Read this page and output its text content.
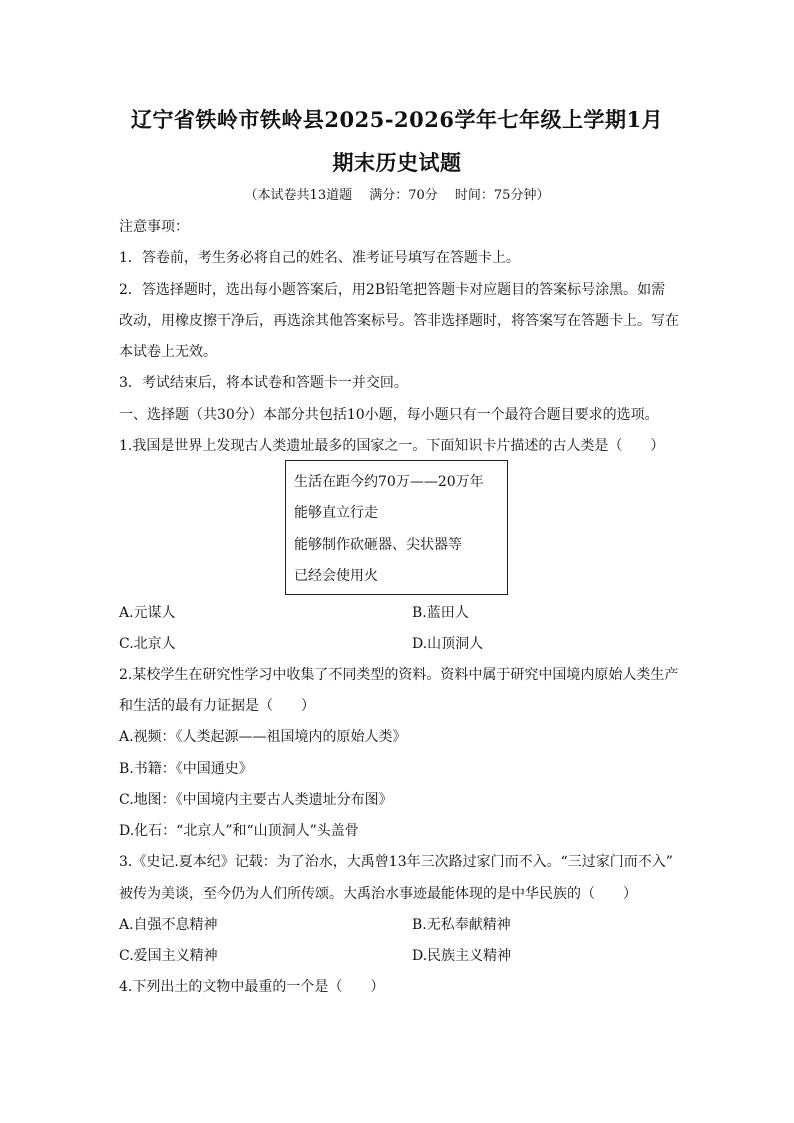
辽宁省铁岭市铁岭县2025-2026学年七年级上学期1月
期末历史试题
（本试卷共13道题　 满分：70分　 时间：75分钟）
注意事项：
1．答卷前，考生务必将自己的姓名、准考证号填写在答题卡上。
2．答选择题时，选出每小题答案后，用2B铅笔把答题卡对应题目的答案标号涂黑。如需
改动，用橡皮擦干净后，再选涂其他答案标号。答非选择题时，将答案写在答题卡上。写在
本试卷上无效。
3．考试结束后，将本试卷和答题卡一并交回。
一、选择题（共30分）本部分共包括10小题，每小题只有一个最符合题目要求的选项。
1.我国是世界上发现古人类遗址最多的国家之一。下面知识卡片描述的古人类是（　　）
生活在距今约70万——20万年
能够直立行走
能够制作砍砸器、尖状器等
已经会使用火
A.元谋人	B.蓝田人
C.北京人	D.山顶洞人
2.某校学生在研究性学习中收集了不同类型的资料。资料中属于研究中国境内原始人类生产
和生活的最有力证据是（　　）
A.视频：《人类起源——祖国境内的原始人类》
B.书籍：《中国通史》
C.地图：《中国境内主要古人类遗址分布图》
D.化石：“北京人”和“山顶洞人”头盖骨
3.《史记.夏本纪》记载：为了治水，大禹曾13年三次路过家门而不入。“三过家门而不入”
被传为美谈，至今仍为人们所传颂。大禹治水事迹最能体现的是中华民族的（　　）
A.自强不息精神	B.无私奉献精神
C.爱国主义精神	D.民族主义精神
4.下列出土的文物中最重的一个是（　　）
